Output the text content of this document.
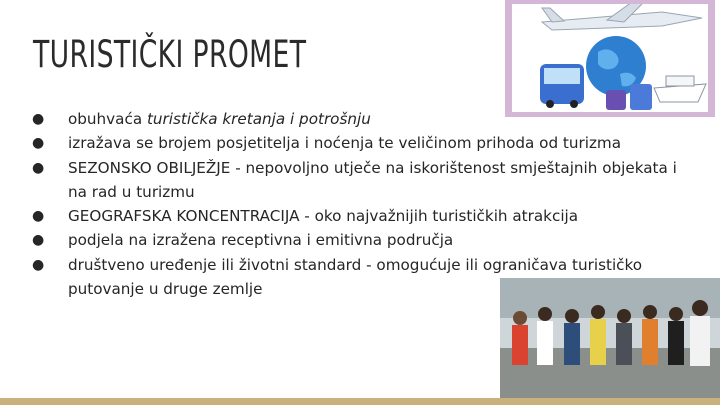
TURISTIČKI PROMET
●	obuhvaća turistička kretanja i potrošnju
●	izražava se brojem posjetitelja i noćenja te veličinom prihoda od turizma
●	SEZONSKO OBILJEŽJE - nepovoljno utječe na iskorištenost smještajnih objekata i na rad u turizmu
●	GEOGRAFSKA KONCENTRACIJA - oko najvažnijih turističkih atrakcija
●	podjela na izražena receptivna i emitivna područja
●	društveno uređenje ili životni standard - omogućuje ili ograničava turističko putovanje u druge zemlje
